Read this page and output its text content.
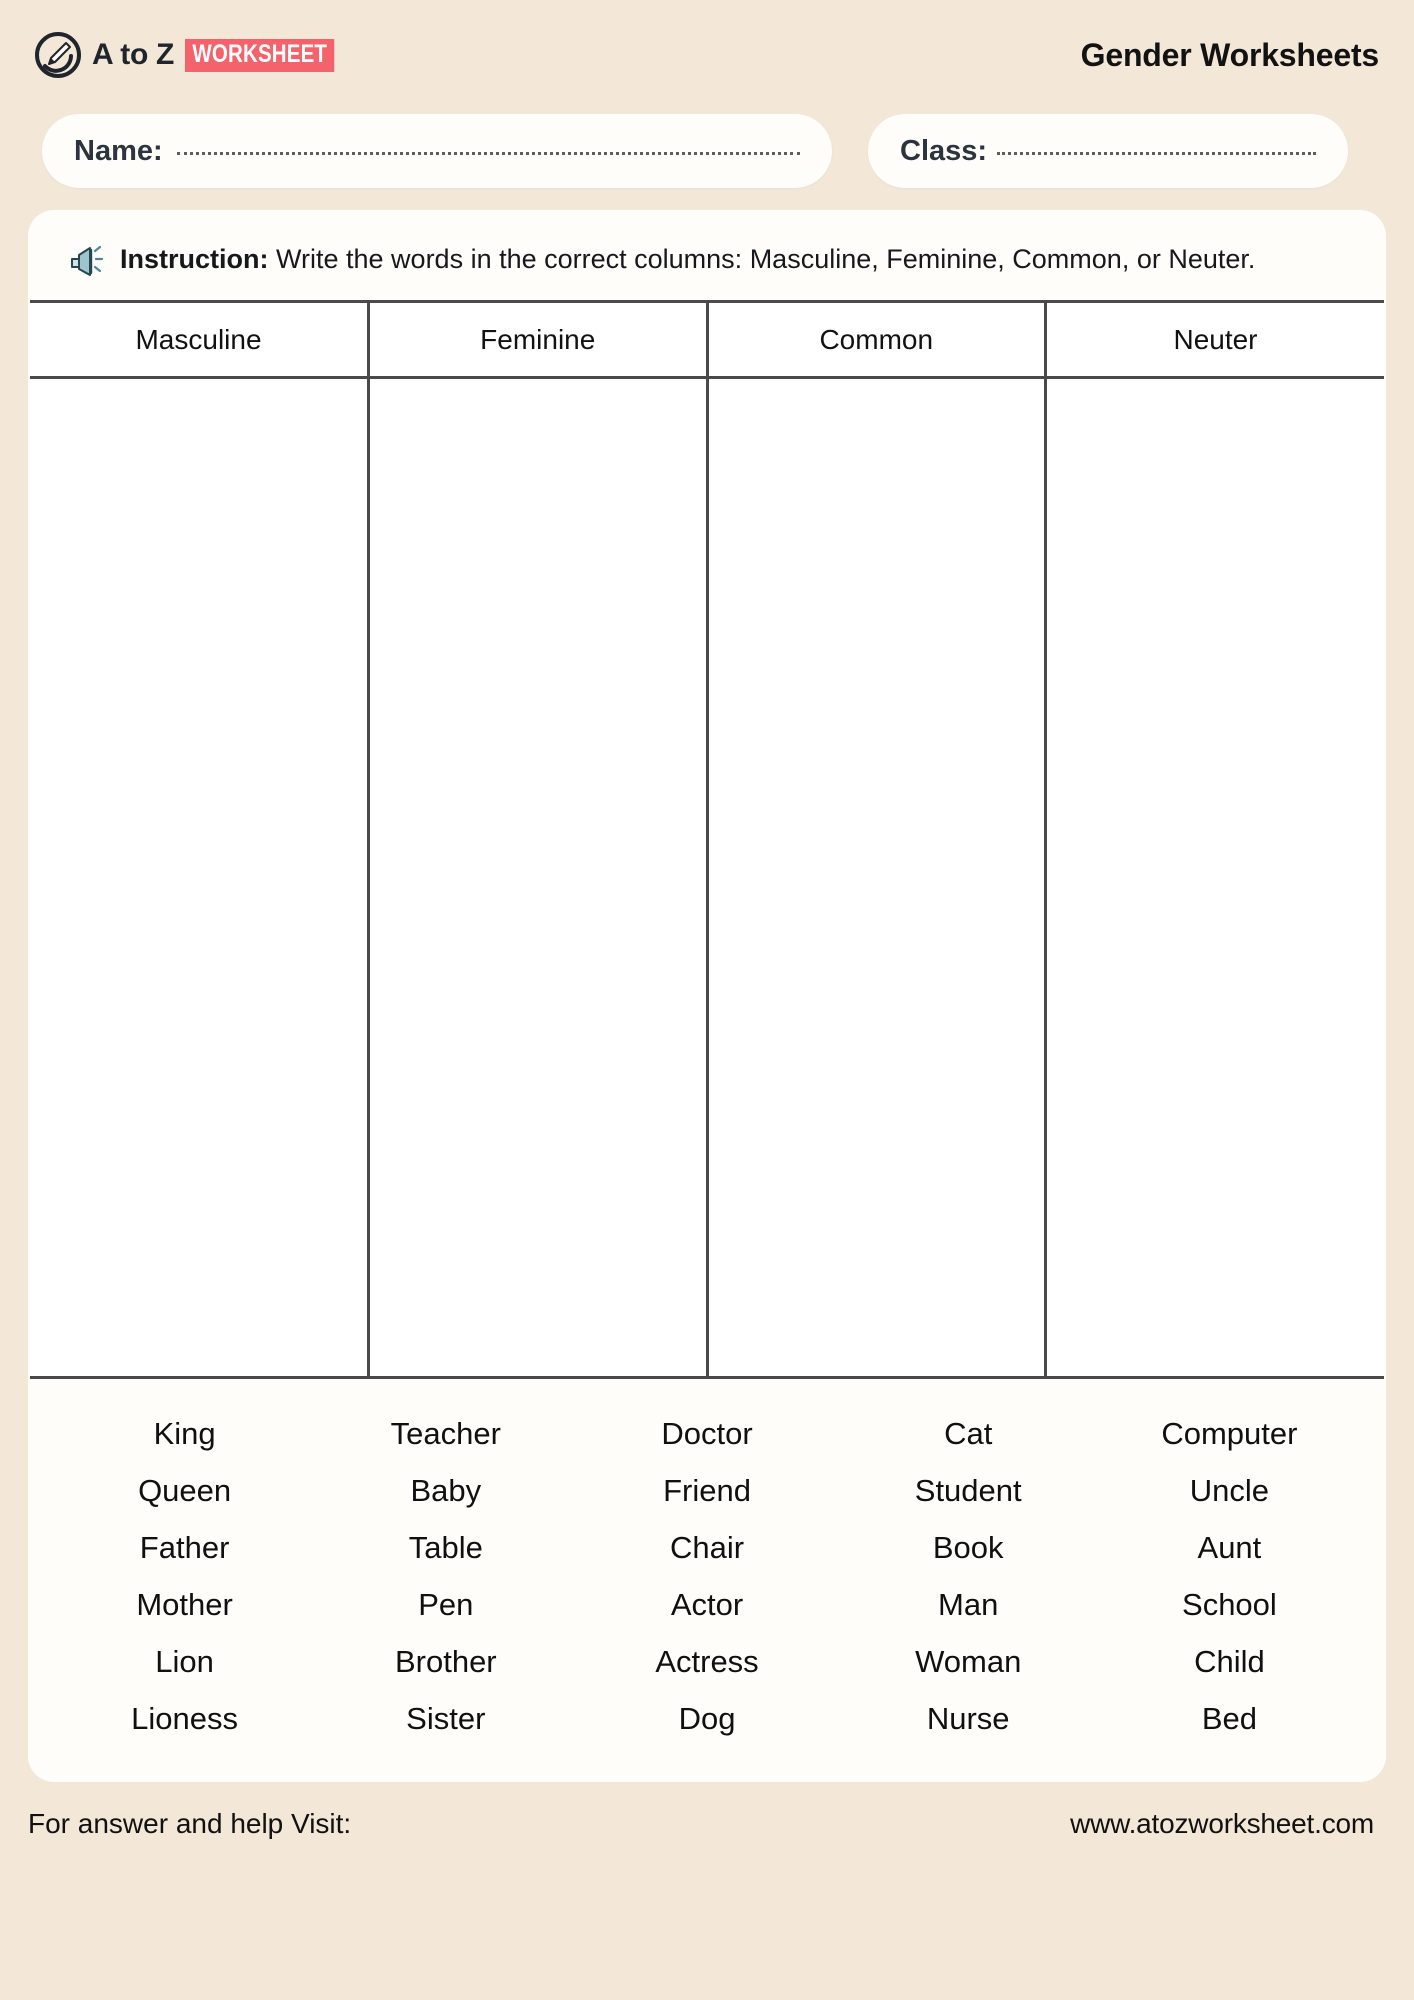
A to Z WORKSHEET	Gender Worksheets
Name:	Class:
Instruction: Write the words in the correct columns: Masculine, Feminine, Common, or Neuter.
Masculine	Feminine	Common	Neuter

King	Teacher	Doctor	Cat	Computer
Queen	Baby	Friend	Student	Uncle
Father	Table	Chair	Book	Aunt
Mother	Pen	Actor	Man	School
Lion	Brother	Actress	Woman	Child
Lioness	Sister	Dog	Nurse	Bed
For answer and help Visit:	www.atozworksheet.com
